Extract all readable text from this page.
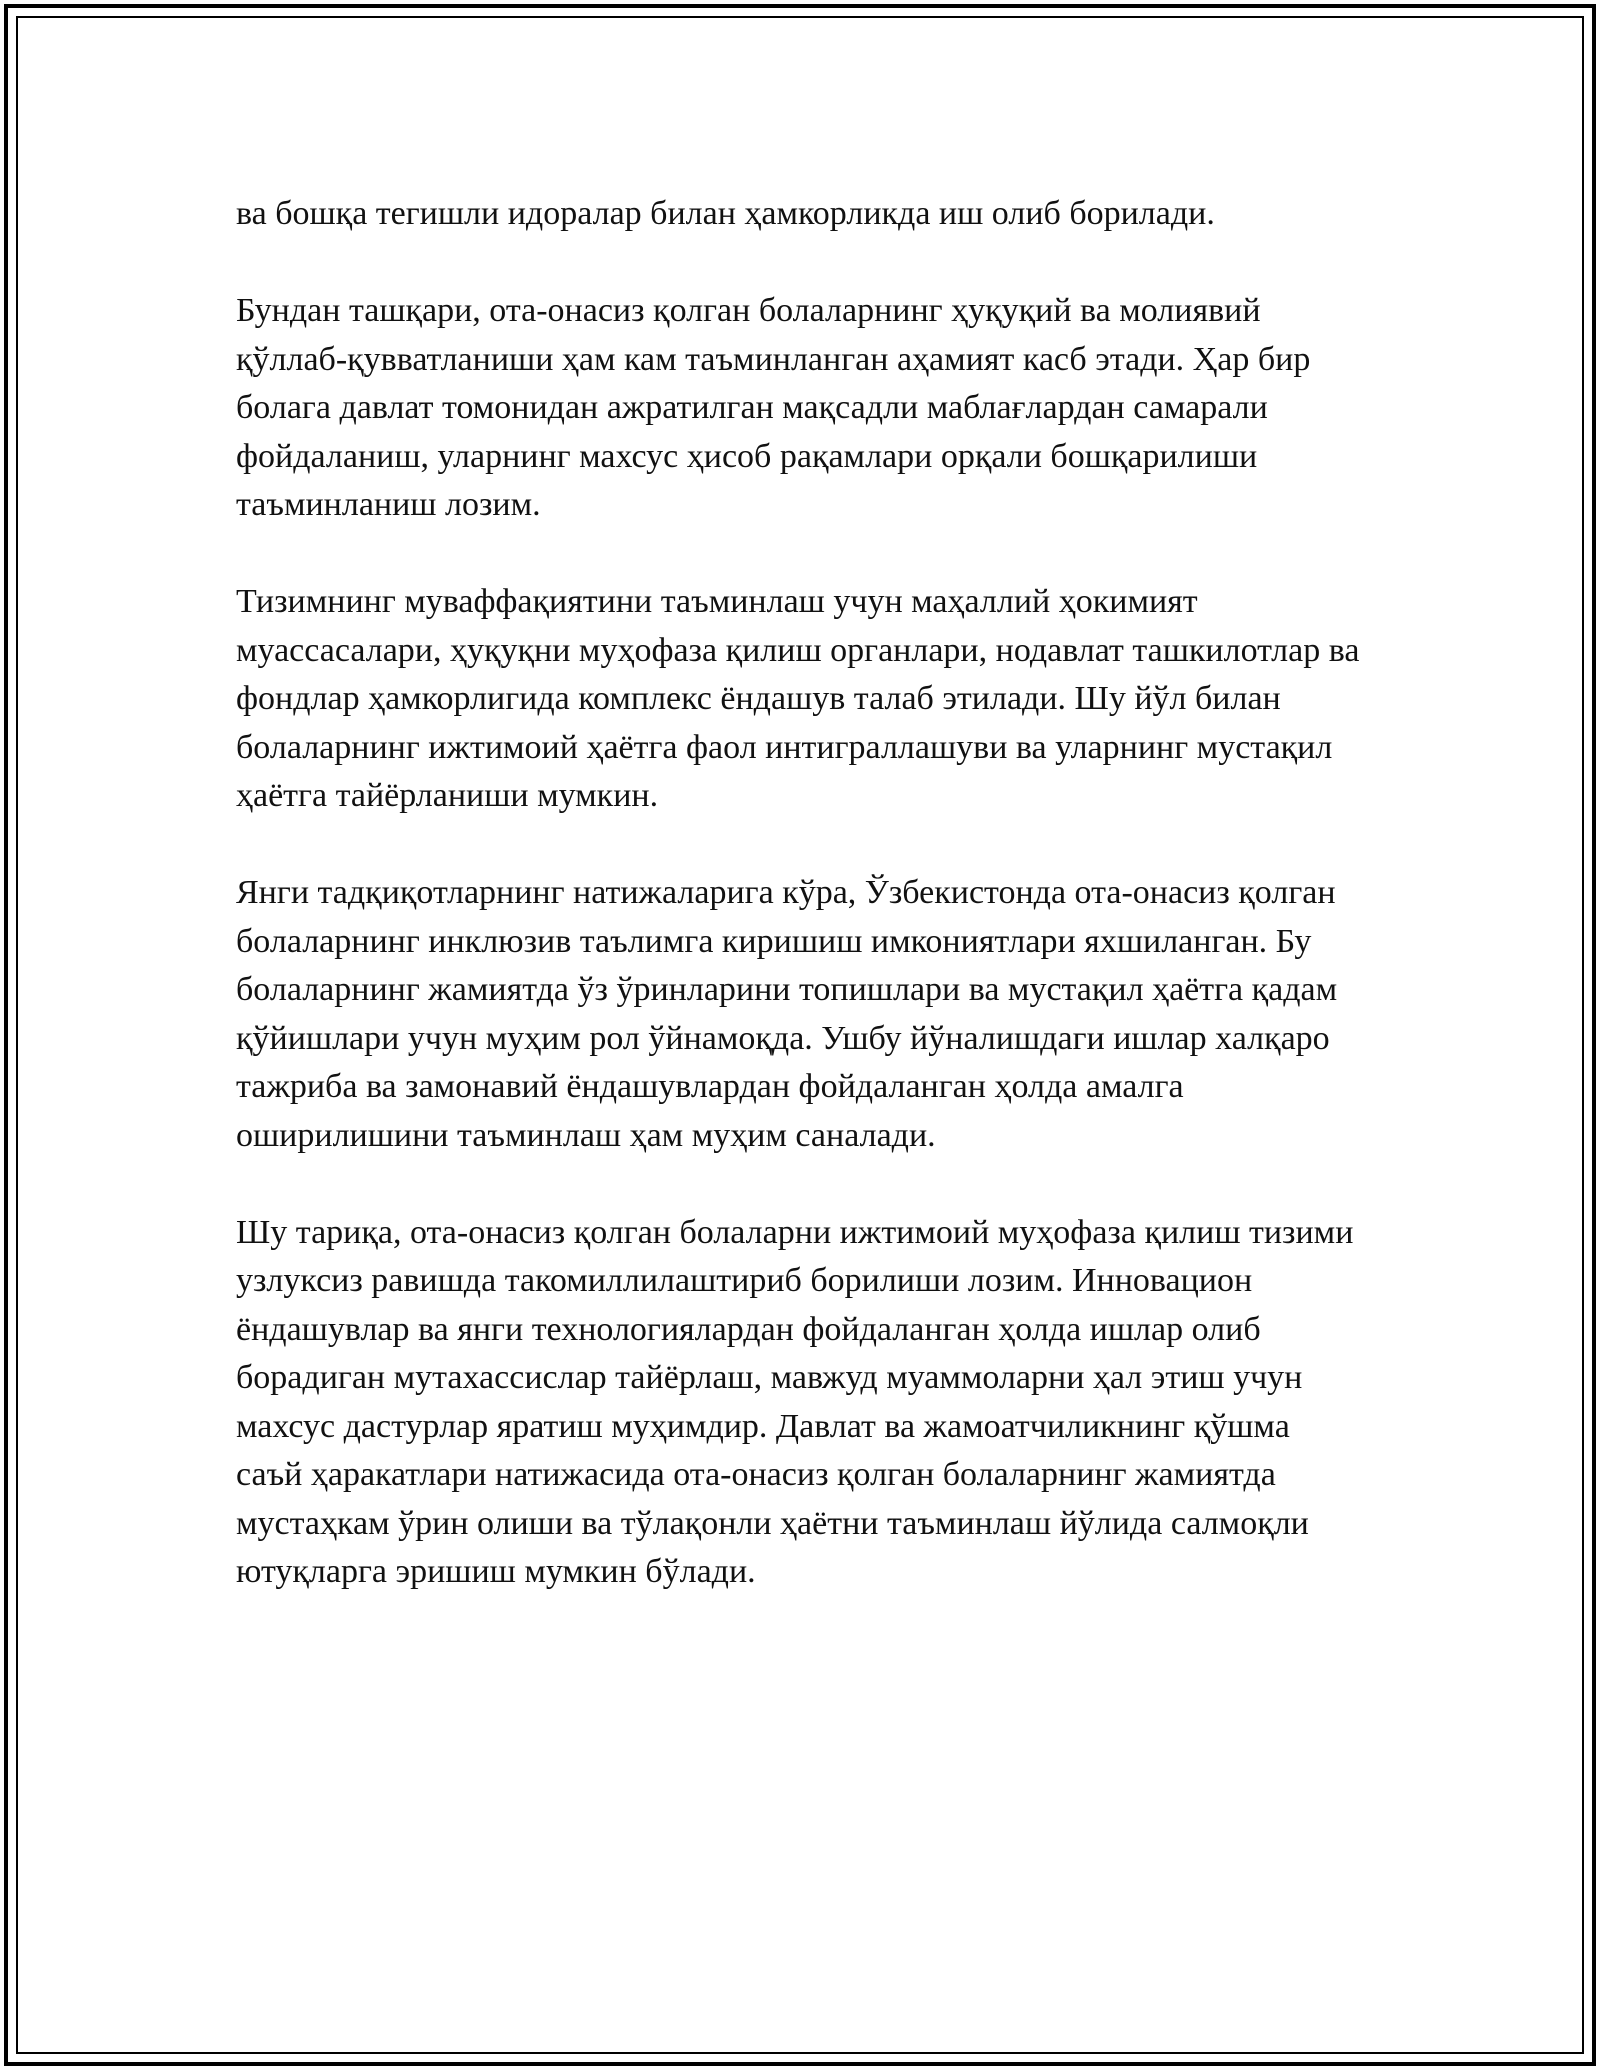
ва бошқа тегишли идоралар билан ҳамкорликда иш олиб борилади.

Бундан ташқари, ота-онасиз қолган болаларнинг ҳуқуқий ва молиявий қўллаб-қувватланиши ҳам кам таъминланган аҳамият касб этади. Ҳар бир болага давлат томонидан ажратилган мақсадли маблағлардан самарали фойдаланиш, уларнинг махсус ҳисоб рақамлари орқали бошқарилиши таъминланиш лозим.

Тизимнинг муваффақиятини таъминлаш учун маҳаллий ҳокимият муассасалари, ҳуқуқни муҳофаза қилиш органлари, нодавлат ташкилотлар ва фондлар ҳамкорлигида комплекс ёндашув талаб этилади. Шу йўл билан болаларнинг ижтимоий ҳаётга фаол интиграллашуви ва уларнинг мустақил ҳаётга тайёрланиши мумкин.

Янги тадқиқотларнинг натижаларига кўра, Ўзбекистонда ота-онасиз қолган болаларнинг инклюзив таълимга киришиш имкониятлари яхшиланган. Бу болаларнинг жамиятда ўз ўринларини топишлари ва мустақил ҳаётга қадам қўйишлари учун муҳим рол ўйнамоқда. Ушбу йўналишдаги ишлар халқаро тажриба ва замонавий ёндашувлардан фойдаланган ҳолда амалга оширилишини таъминлаш ҳам муҳим саналади.

Шу тариқа, ота-онасиз қолган болаларни ижтимоий муҳофаза қилиш тизими узлуксиз равишда такомиллилаштириб борилиши лозим. Инновацион ёндашувлар ва янги технологиялардан фойдаланган ҳолда ишлар олиб борадиган мутахассислар тайёрлаш, мавжуд муаммоларни ҳал этиш учун махсус дастурлар яратиш муҳимдир. Давлат ва жамоатчиликнинг қўшма саъй ҳаракатлари натижасида ота-онасиз қолган болаларнинг жамиятда мустаҳкам ўрин олиши ва тўлақонли ҳаётни таъминлаш йўлида салмоқли ютуқларга эришиш мумкин бўлади.
